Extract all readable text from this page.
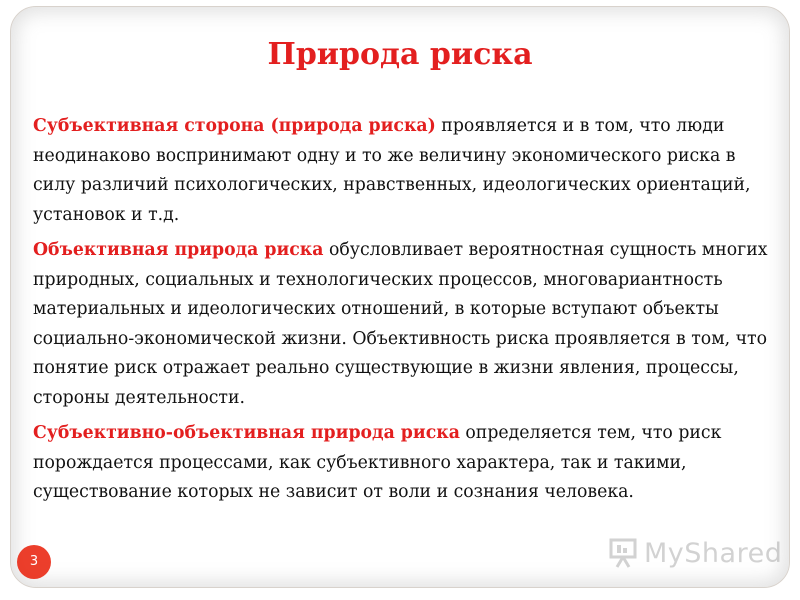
Природа риска

Субъективная сторона (природа риска) проявляется и в том, что люди неодинаково воспринимают одну и то же величину экономического риска в силу различий психологических, нравственных, идеологических ориентаций, установок и т.д.

Объективная природа риска обусловливает вероятностная сущность многих природных, социальных и технологических процессов, многовариантность материальных и идеологических отношений, в которые вступают объекты социально-экономической жизни. Объективность риска проявляется в том, что понятие риск отражает реально существующие в жизни явления, процессы, стороны деятельности.

Субъективно-объективная природа риска определяется тем, что риск порождается процессами, как субъективного характера, так и такими, существование которых не зависит от воли и сознания человека.

3	MyShared
